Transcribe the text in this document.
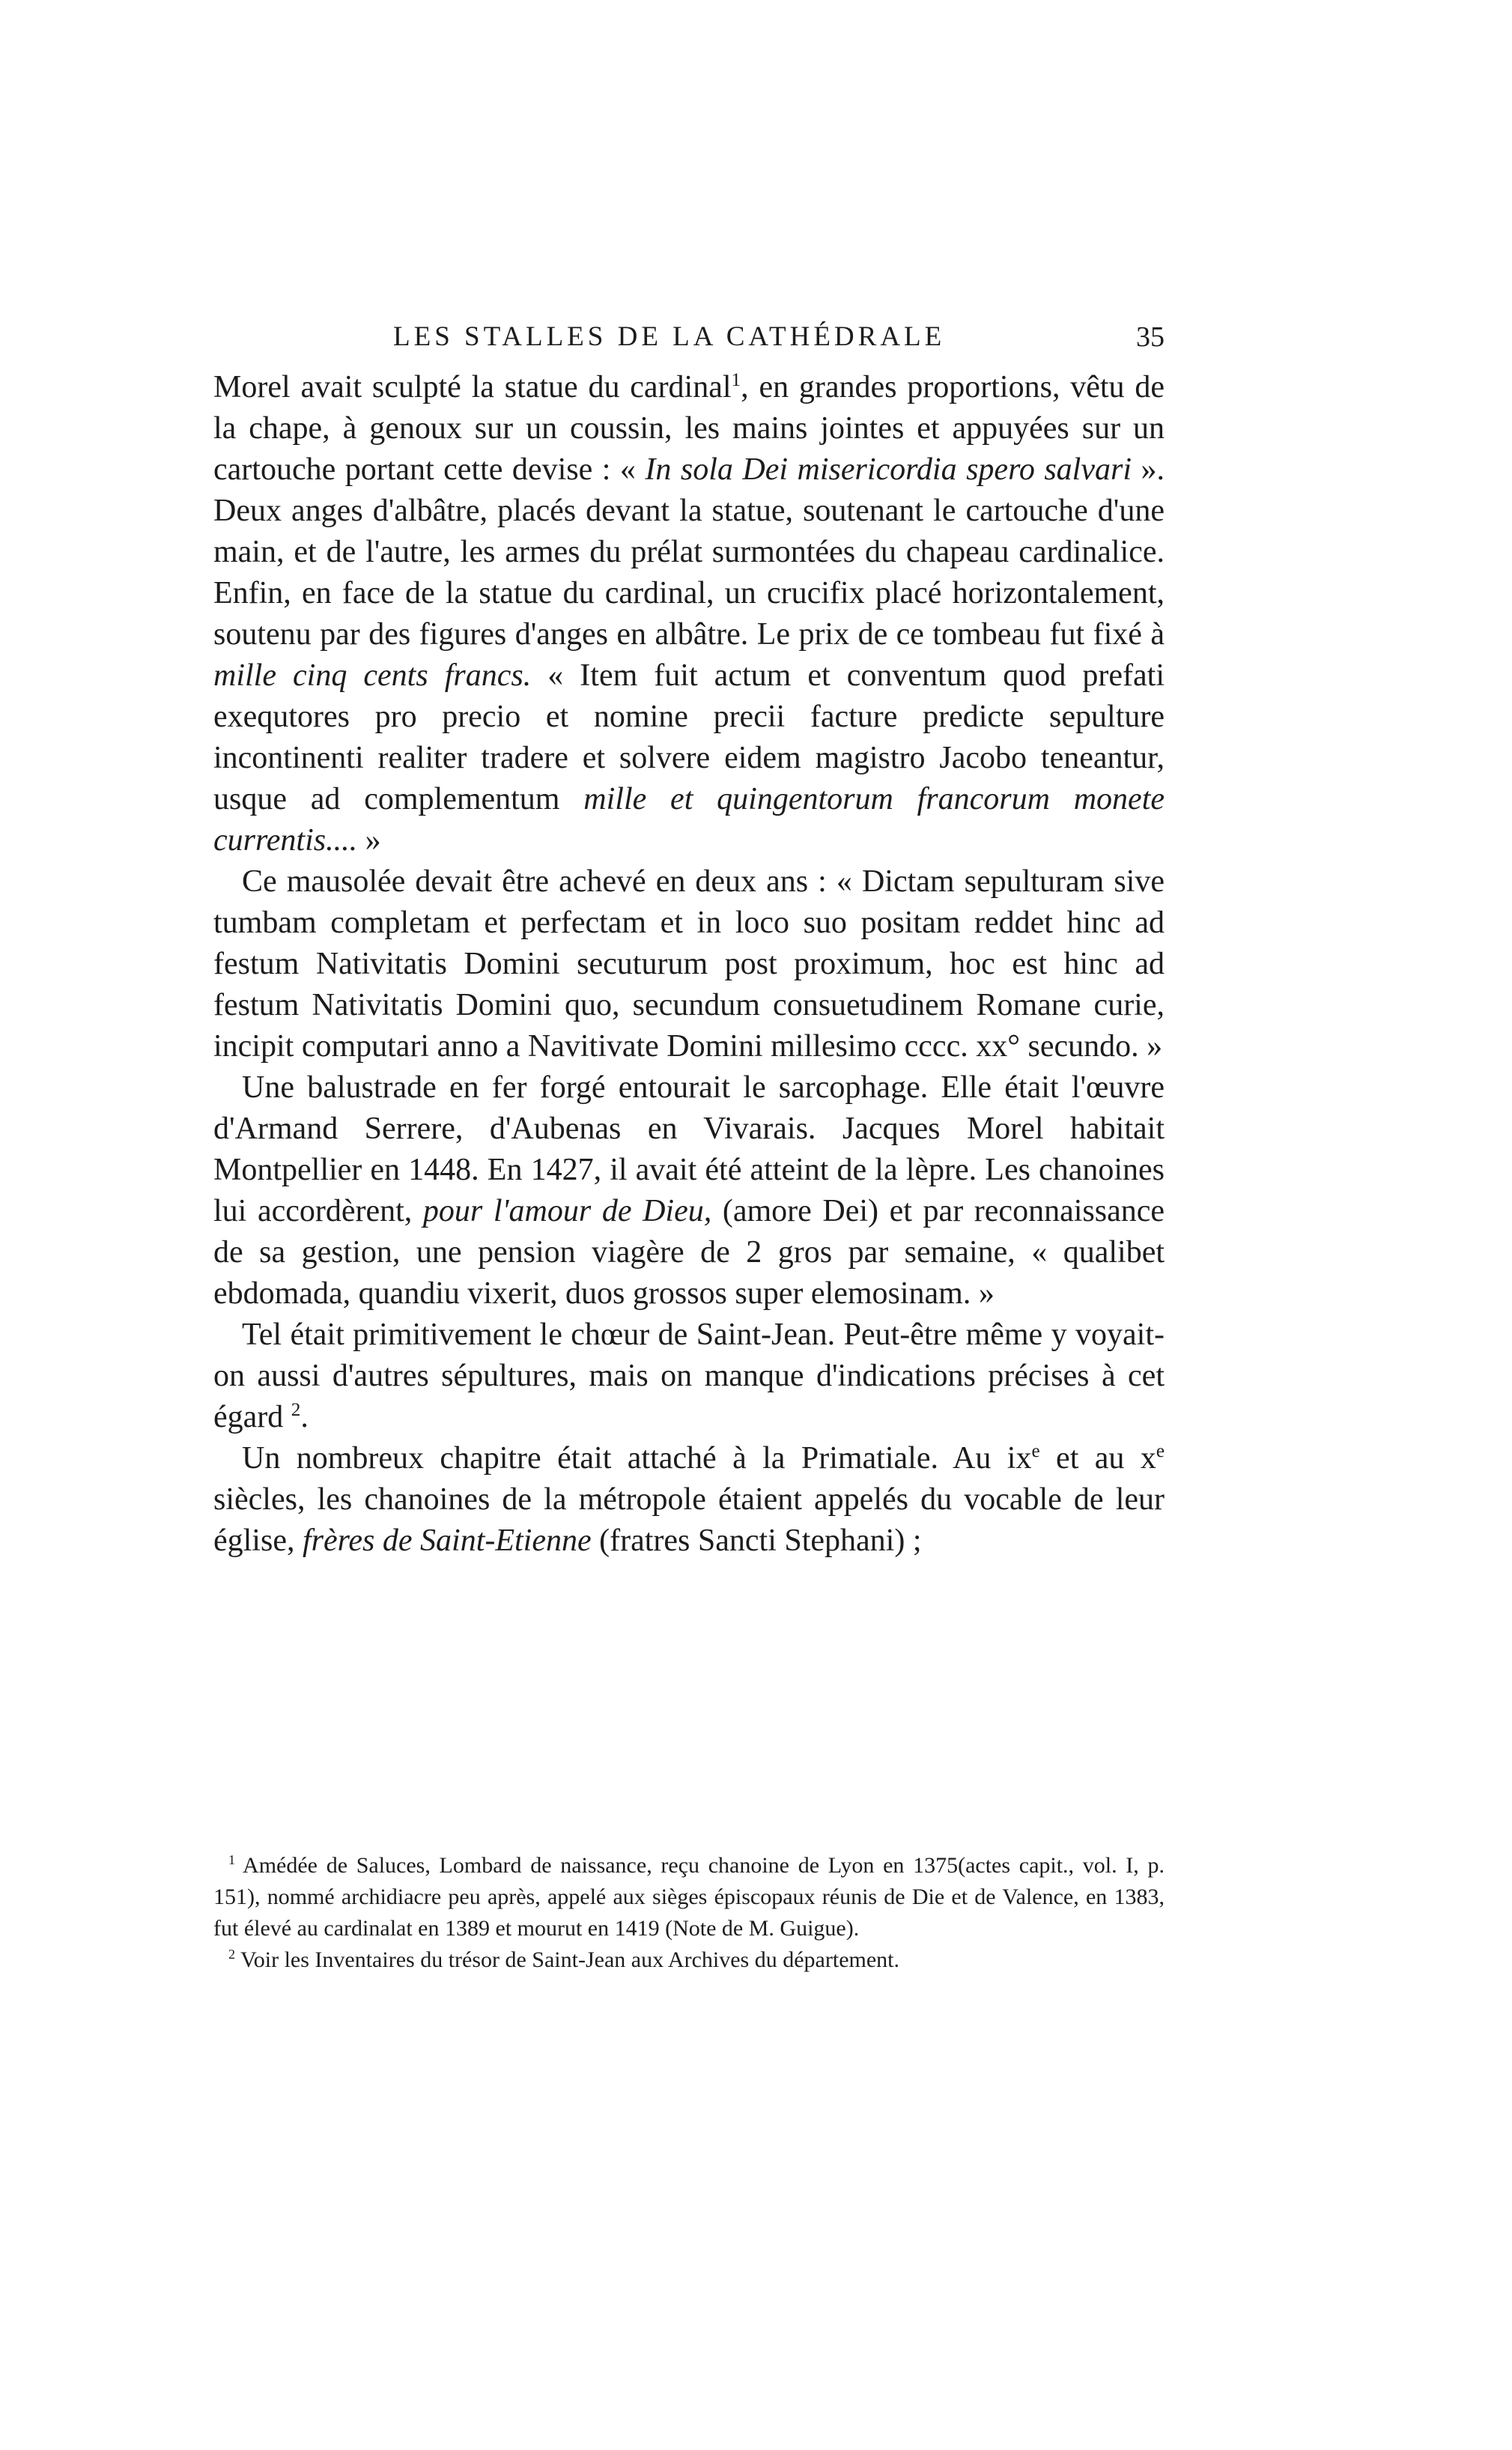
LES STALLES DE LA CATHÉDRALE	35

Morel avait sculpté la statue du cardinal$^1$, en grandes proportions, vêtu de la chape, à genoux sur un coussin, les mains jointes et appuyées sur un cartouche portant cette devise : « In sola Dei misericordia spero salvari ». Deux anges d'albâtre, placés devant la statue, soutenant le cartouche d'une main, et de l'autre, les armes du prélat surmontées du chapeau cardinalice. Enfin, en face de la statue du cardinal, un crucifix placé horizontalement, soutenu par des figures d'anges en albâtre. Le prix de ce tombeau fut fixé à mille cinq cents francs. « Item fuit actum et conventum quod prefati exequtores pro precio et nomine precii facture predicte sepulture incontinenti realiter tradere et solvere eidem magistro Jacobo teneantur, usque ad complementum mille et quingentorum francorum monete currentis.... »

Ce mausolée devait être achevé en deux ans : « Dictam sepulturam sive tumbam completam et perfectam et in loco suo positam reddet hinc ad festum Nativitatis Domini secuturum post proximum, hoc est hinc ad festum Nativitatis Domini quo, secundum consuetudinem Romane curie, incipit computari anno a Navitivate Domini millesimo cccc. xx° secundo. »

Une balustrade en fer forgé entourait le sarcophage. Elle était l'œuvre d'Armand Serrere, d'Aubenas en Vivarais. Jacques Morel habitait Montpellier en 1448. En 1427, il avait été atteint de la lèpre. Les chanoines lui accordèrent, pour l'amour de Dieu, (amore Dei) et par reconnaissance de sa gestion, une pension viagère de 2 gros par semaine, « qualibet ebdomada, quandiu vixerit, duos grossos super elemosinam. »

Tel était primitivement le chœur de Saint-Jean. Peut-être même y voyait-on aussi d'autres sépultures, mais on manque d'indications précises à cet égard $^2$.

Un nombreux chapitre était attaché à la Primatiale. Au $ix^e$ et au $x^e$ siècles, les chanoines de la métropole étaient appelés du vocable de leur église, frères de Saint-Etienne (fratres Sancti Stephani) ;

$^1$ Amédée de Saluces, Lombard de naissance, reçu chanoine de Lyon en 1375(actes capit., vol. I, p. 151), nommé archidiacre peu après, appelé aux sièges épiscopaux réunis de Die et de Valence, en 1383, fut élevé au cardinalat en 1389 et mourut en 1419 (Note de M. Guigue).

$^2$ Voir les Inventaires du trésor de Saint-Jean aux Archives du département.
